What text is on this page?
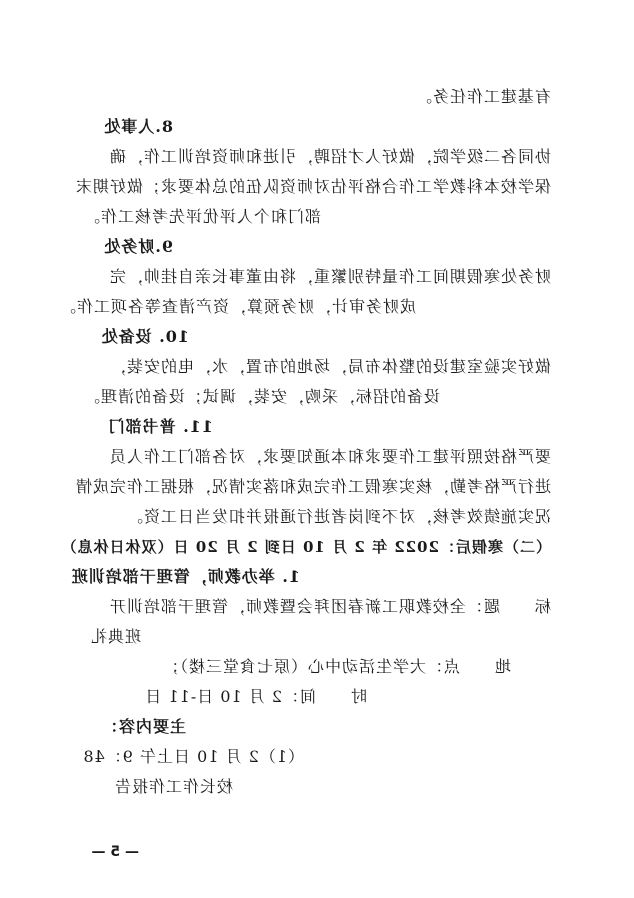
有基建工作任务。
8.人事处
协同各二级学院，做好人才招聘，引进和师资培训工作，确
保学校本科教学工作合格评估对师资队伍的总体要求；做好期末
部门和个人评优评先考核工作。
9.财务处
财务处寒假期间工作量特别繁重，将由董事长亲自挂帅，完
成财务审计，财务预算，资产清查等各项工作。
10. 设备处
做好实验室建设的整体布局，场地的布置，水，电的安装，
设备的招标，采购，安装，调试；设备的清理。
11. 普书部门
要严格按照评建工作要求和本通知要求，对各部门工作人员
进行严格考勤，核实寒假工作完成和落实情况，根据工作完成情
况实施绩效考核，对不到岗者进行通报并扣发当日工资。
（二）寒假后：2022 年 2 月 10 日到 2 月 20 日（双休日休息）
1. 举办教师，管理干部培训班
标　　题：全校教职工新春团拜会暨教师，管理干部培训开
班典礼
地　　点：大学生活动中心（原七食堂三楼）；
时　　间：2 月 10 日-11 日
主要内容：
（1）2 月 10 日上午 9：48
校长作工作报告
— 5 —
